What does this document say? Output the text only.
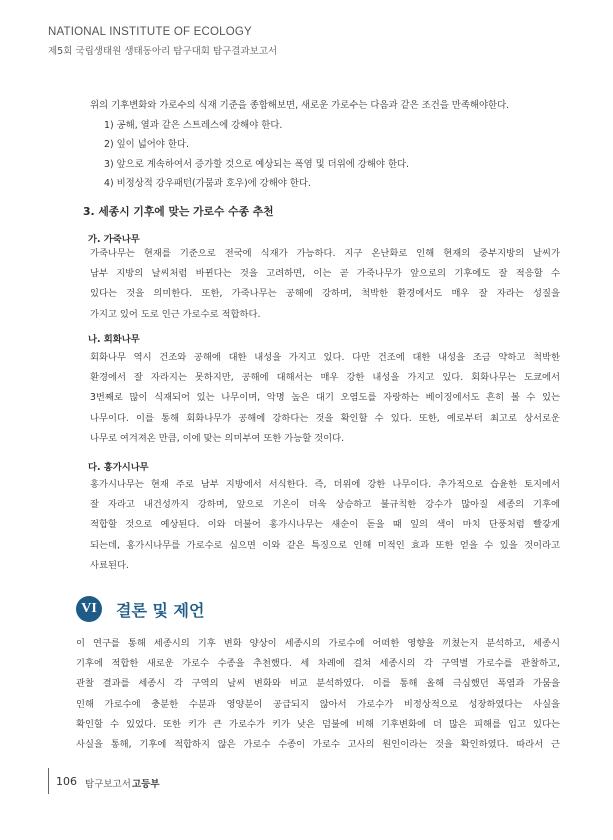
NATIONAL INSTITUTE OF ECOLOGY
제5회 국립생태원 생태동아리 탐구대회 탐구결과보고서
위의 기후변화와 가로수의 식재 기준을 종합해보면, 새로운 가로수는 다음과 같은 조건을 만족해야한다.
1) 공해, 열과 같은 스트레스에 강해야 한다.
2) 잎이 넓어야 한다.
3) 앞으로 계속하여서 증가할 것으로 예상되는 폭염 및 더위에 강해야 한다.
4) 비정상적 강우패턴(가뭄과 호우)에 강해야 한다.
3. 세종시 기후에 맞는 가로수 수종 추천
가. 가죽나무
가죽나무는 현재를 기준으로 전국에 식재가 가능하다. 지구 온난화로 인해 현재의 중부지방의 날씨가
남부 지방의 날씨처럼 바뀐다는 것을 고려하면, 이는 곧 가죽나무가 앞으로의 기후에도 잘 적응할 수
있다는 것을 의미한다. 또한, 가죽나무는 공해에 강하며, 척박한 환경에서도 매우 잘 자라는 성질을
가지고 있어 도로 인근 가로수로 적합하다.
나. 회화나무
회화나무 역시 건조와 공해에 대한 내성을 가지고 있다. 다만 건조에 대한 내성을 조금 약하고 척박한
환경에서 잘 자라지는 못하지만, 공해에 대해서는 매우 강한 내성을 가지고 있다. 회화나무는 도쿄에서
3번째로 많이 식재되어 있는 나무이며, 악명 높은 대기 오염도를 자랑하는 베이징에서도 흔히 볼 수 있는
나무이다. 이를 통해 회화나무가 공해에 강하다는 것을 확인할 수 있다. 또한, 예로부터 최고로 상서로운
나무로 여겨져온 만큼, 이에 맞는 의미부여 또한 가능할 것이다.
다. 홍가시나무
홍가시나무는 현재 주로 남부 지방에서 서식한다. 즉, 더위에 강한 나무이다. 추가적으로 습윤한 토지에서
잘 자라고 내건성까지 강하며, 앞으로 기온이 더욱 상승하고 불규칙한 강수가 많아질 세종의 기후에
적합할 것으로 예상된다. 이와 더불어 홍가시나무는 새순이 돋을 때 잎의 색이 마치 단풍처럼 빨갛게
되는데, 홍가시나무를 가로수로 심으면 이와 같은 특징으로 인해 미적인 효과 또한 얻을 수 있을 것이라고
사료된다.
VI	결론 및 제언
이 연구를 통해 세종시의 기후 변화 양상이 세종시의 가로수에 어떠한 영향을 끼쳤는지 분석하고, 세종시
기후에 적합한 새로운 가로수 수종을 추천했다. 세 차례에 걸쳐 세종시의 각 구역별 가로수를 관찰하고,
관찰 결과를 세종시 각 구역의 날씨 변화와 비교 분석하였다. 이를 통해 올해 극심했던 폭염과 가뭄을
인해 가로수에 충분한 수분과 영양분이 공급되지 않아서 가로수가 비정상적으로 성장하였다는 사실을
확인할 수 있었다. 또한 키가 큰 가로수가 키가 낮은 덤불에 비해 기후변화에 더 많은 피해를 입고 있다는
사실을 통해, 기후에 적합하지 않은 가로수 수종이 가로수 고사의 원인이라는 것을 확인하였다. 따라서 근
106 탐구보고서 고등부
